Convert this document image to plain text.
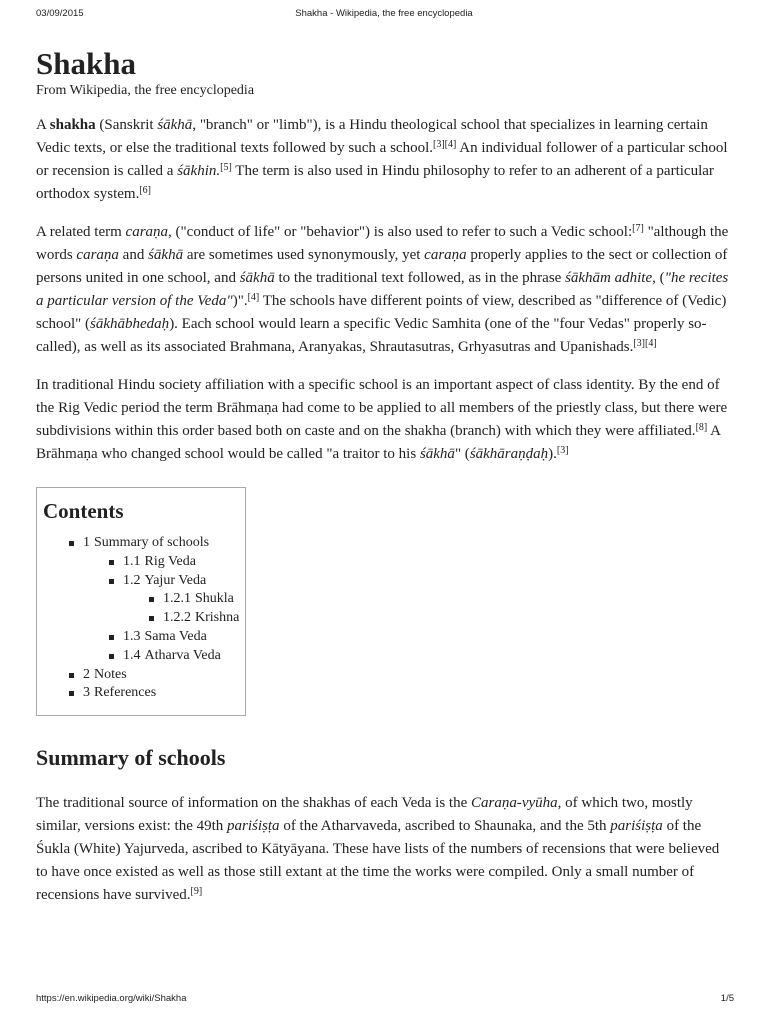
03/09/2015	Shakha - Wikipedia, the free encyclopedia
Shakha
From Wikipedia, the free encyclopedia

A shakha (Sanskrit śākhā, "branch" or "limb"), is a Hindu theological school that specializes in learning certain Vedic texts, or else the traditional texts followed by such a school.[3][4] An individual follower of a particular school or recension is called a śākhin.[5] The term is also used in Hindu philosophy to refer to an adherent of a particular orthodox system.[6]

A related term caraṇa, ("conduct of life" or "behavior") is also used to refer to such a Vedic school:[7] "although the words caraṇa and śākhā are sometimes used synonymously, yet caraṇa properly applies to the sect or collection of persons united in one school, and śākhā to the traditional text followed, as in the phrase śākhām adhite, ("he recites a particular version of the Veda")".[4] The schools have different points of view, described as "difference of (Vedic) school" (śākhābhedaḥ). Each school would learn a specific Vedic Samhita (one of the "four Vedas" properly so-called), as well as its associated Brahmana, Aranyakas, Shrautasutras, Grhyasutras and Upanishads.[3][4]

In traditional Hindu society affiliation with a specific school is an important aspect of class identity. By the end of the Rig Vedic period the term Brāhmaṇa had come to be applied to all members of the priestly class, but there were subdivisions within this order based both on caste and on the shakha (branch) with which they were affiliated.[8] A Brāhmaṇa who changed school would be called "a traitor to his śākhā" (śākhāraṇḍaḥ).[3]

Contents
1 Summary of schools
1.1 Rig Veda
1.2 Yajur Veda
1.2.1 Shukla
1.2.2 Krishna
1.3 Sama Veda
1.4 Atharva Veda
2 Notes
3 References
Summary of schools

The traditional source of information on the shakhas of each Veda is the Caraṇa-vyūha, of which two, mostly similar, versions exist: the 49th pariśiṣṭa of the Atharvaveda, ascribed to Shaunaka, and the 5th pariśiṣṭa of the Śukla (White) Yajurveda, ascribed to Kātyāyana. These have lists of the numbers of recensions that were believed to have once existed as well as those still extant at the time the works were compiled. Only a small number of recensions have survived.[9]

https://en.wikipedia.org/wiki/Shakha	1/5
